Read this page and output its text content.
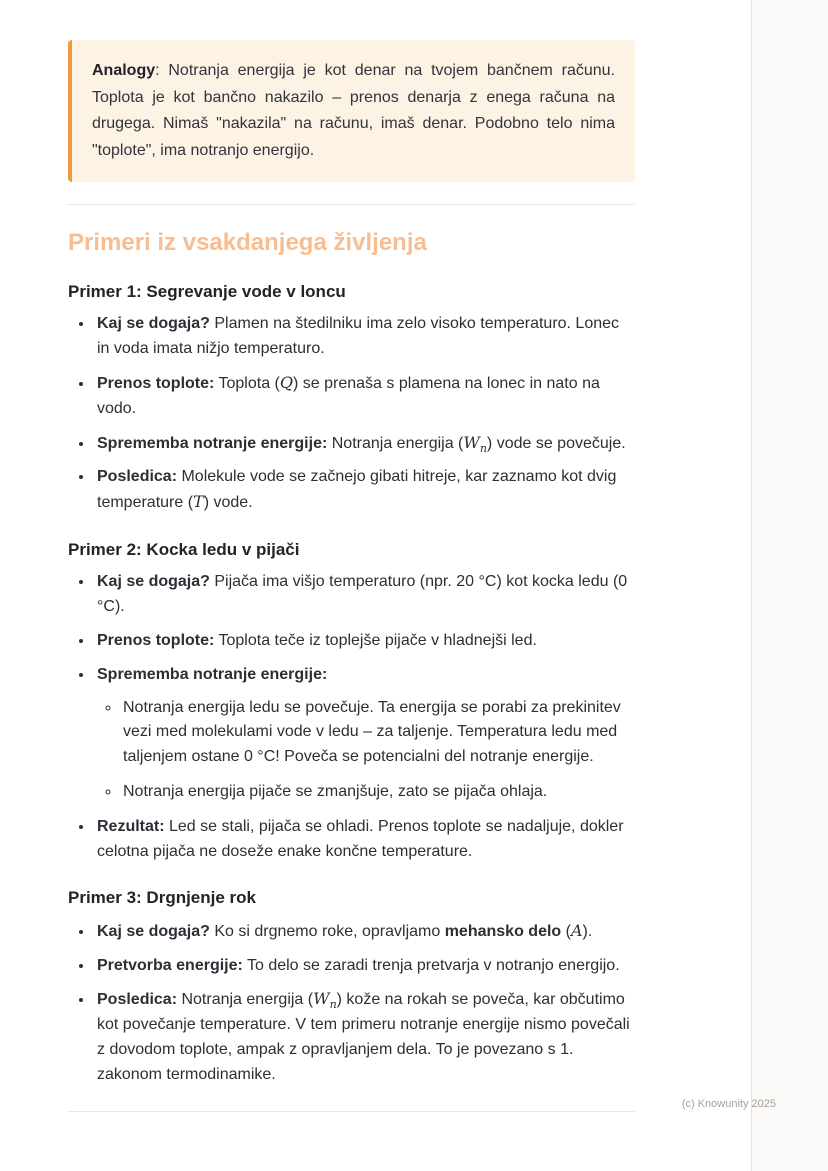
Analogy: Notranja energija je kot denar na tvojem bančnem računu. Toplota je kot bančno nakazilo – prenos denarja z enega računa na drugega. Nimaš "nakazila" na računu, imaš denar. Podobno telo nima "toplote", ima notranjo energijo.

Primeri iz vsakdanjega življenja
Primer 1: Segrevanje vode v loncu
• Kaj se dogaja? Plamen na štedilniku ima zelo visoko temperaturo. Lonec in voda imata nižjo temperaturo.
• Prenos toplote: Toplota (Q) se prenaša s plamena na lonec in nato na vodo.
• Sprememba notranje energije: Notranja energija $(W_n)$ vode se povečuje.
• Posledica: Molekule vode se začnejo gibati hitreje, kar zaznamo kot dvig temperature (T) vode.
Primer 2: Kocka ledu v pijači
• Kaj se dogaja? Pijača ima višjo temperaturo (npr. 20 °C) kot kocka ledu (0 °C).
• Prenos toplote: Toplota teče iz toplejše pijače v hladnejši led.
• Sprememba notranje energije:
◦ Notranja energija ledu se povečuje. Ta energija se porabi za prekinitev vezi med molekulami vode v ledu – za taljenje. Temperatura ledu med taljenjem ostane 0 °C! Poveča se potencialni del notranje energije.
◦ Notranja energija pijače se zmanjšuje, zato se pijača ohlaja.
• Rezultat: Led se stali, pijača se ohladi. Prenos toplote se nadaljuje, dokler celotna pijača ne doseže enake končne temperature.
Primer 3: Drgnjenje rok
• Kaj se dogaja? Ko si drgnemo roke, opravljamo mehansko delo (A).
• Pretvorba energije: To delo se zaradi trenja pretvarja v notranjo energijo.
• Posledica: Notranja energija $(W_n)$ kože na rokah se poveča, kar občutimo kot povečanje temperature. V tem primeru notranje energije nismo povečali z dovodom toplote, ampak z opravljanjem dela. To je povezano s 1. zakonom termodinamike.
(c) Knowunity 2025
